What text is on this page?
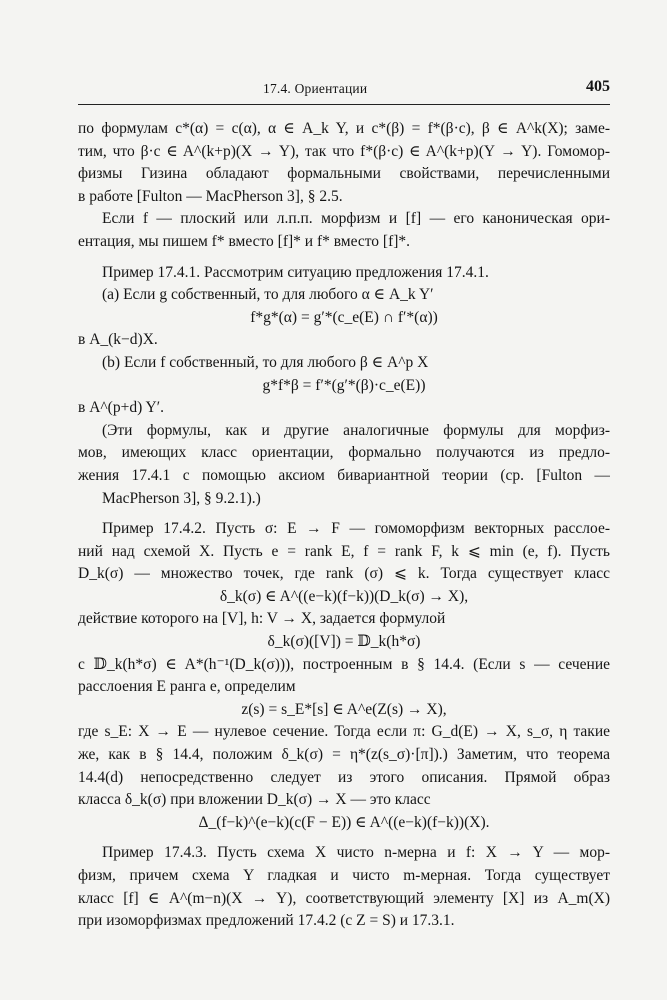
17.4. Ориентации	405
по формулам c*(α) = c(α), α ∈ A_k Y, и c*(β) = f*(β·c), β ∈ A^k(X); заме-
тим, что β·c ∈ A^(k+p)(X → Y), так что f*(β·c) ∈ A^(k+p)(Y → Y). Гомомор-
физмы Гизина обладают формальными свойствами, перечисленными
в работе [Fulton — MacPherson 3], § 2.5.
Если f — плоский или л.п.п. морфизм и [f] — его каноническая ори-
ентация, мы пишем f* вместо [f]* и f* вместо [f]*.
Пример 17.4.1. Рассмотрим ситуацию предложения 17.4.1.
(a) Если g собственный, то для любого α ∈ A_k Y′
f*g*(α) = g′*(c_e(E) ∩ f′*(α))
в A_(k−d)X.
(b) Если f собственный, то для любого β ∈ A^p X
g*f*β = f′*(g′*(β)·c_e(E))
в A^(p+d) Y′.
(Эти формулы, как и другие аналогичные формулы для морфиз-
мов, имеющих класс ориентации, формально получаются из предло-
жения 17.4.1 с помощью аксиом бивариантной теории (ср. [Fulton —
MacPherson 3], § 9.2.1).)
Пример 17.4.2. Пусть σ: E → F — гомоморфизм векторных расслое-
ний над схемой X. Пусть e = rank E, f = rank F, k ⩽ min (e, f). Пусть
D_k(σ) — множество точек, где rank (σ) ⩽ k. Тогда существует класс
δ_k(σ) ∈ A^((e−k)(f−k))(D_k(σ) → X),
действие которого на [V], h: V → X, задается формулой
δ_k(σ)([V]) = 𝔻_k(h*σ)
с 𝔻_k(h*σ) ∈ A*(h⁻¹(D_k(σ))), построенным в § 14.4. (Если s — сечение
расслоения E ранга e, определим
z(s) = s_E*[s] ∈ A^e(Z(s) → X),
где s_E: X → E — нулевое сечение. Тогда если π: G_d(E) → X, s_σ, η такие
же, как в § 14.4, положим δ_k(σ) = η*(z(s_σ)·[π]).) Заметим, что теорема
14.4(d) непосредственно следует из этого описания. Прямой образ
класса δ_k(σ) при вложении D_k(σ) → X — это класс
Δ_(f−k)^(e−k)(c(F − E)) ∈ A^((e−k)(f−k))(X).
Пример 17.4.3. Пусть схема X чисто n-мерна и f: X → Y — мор-
физм, причем схема Y гладкая и чисто m-мерная. Тогда существует
класс [f] ∈ A^(m−n)(X → Y), соответствующий элементу [X] из A_m(X)
при изоморфизмах предложений 17.4.2 (с Z = S) и 17.3.1.
